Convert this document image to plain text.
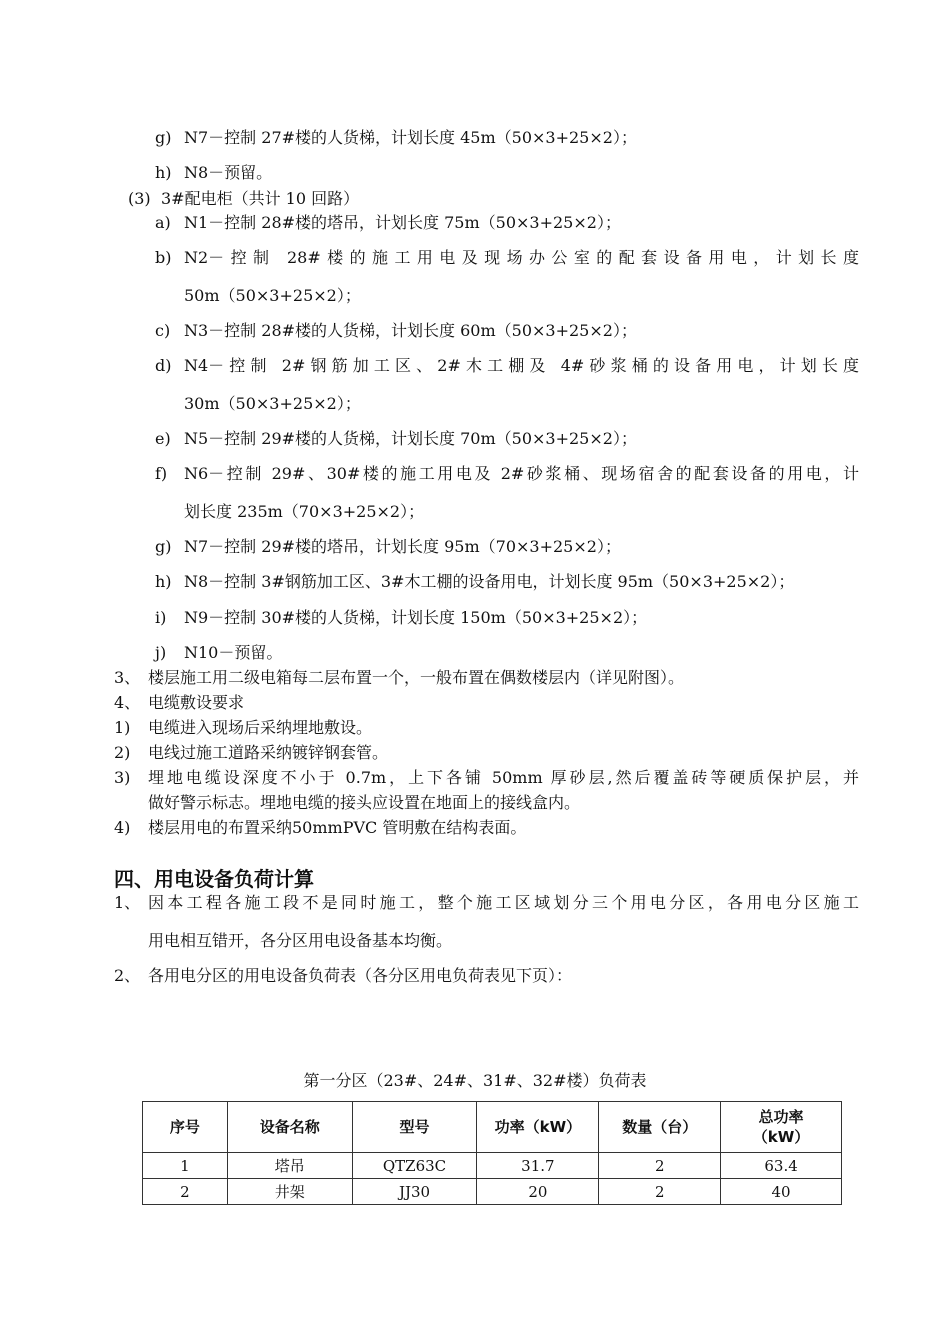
g) N7－控制 27#楼的人货梯，计划长度 45m（50×3+25×2）；
h) N8－预留。
(3) 3#配电柜（共计 10 回路）
a) N1－控制 28#楼的塔吊，计划长度 75m（50×3+25×2）；
b) N2－控制 28#楼的施工用电及现场办公室的配套设备用电，计划长度
50m（50×3+25×2）；
c) N3－控制 28#楼的人货梯，计划长度 60m（50×3+25×2）；
d) N4－控制 2#钢筋加工区、2#木工棚及 4#砂浆桶的设备用电，计划长度
30m（50×3+25×2）；
e) N5－控制 29#楼的人货梯，计划长度 70m（50×3+25×2）；
f) N6－控制 29#、30#楼的施工用电及 2#砂浆桶、现场宿舍的配套设备的用电，计
划长度 235m（70×3+25×2）；
g) N7－控制 29#楼的塔吊，计划长度 95m（70×3+25×2）；
h) N8－控制 3#钢筋加工区、3#木工棚的设备用电，计划长度 95m（50×3+25×2）；
i) N9－控制 30#楼的人货梯，计划长度 150m（50×3+25×2）；
j) N10－预留。
3、 楼层施工用二级电箱每二层布置一个，一般布置在偶数楼层内（详见附图）。
4、 电缆敷设要求
1) 电缆进入现场后采纳埋地敷设。
2) 电线过施工道路采纳镀锌钢套管。
3) 埋地电缆设深度不小于 0.7m，上下各铺 50mm 厚砂层,然后覆盖砖等硬质保护层，并
做好警示标志。埋地电缆的接头应设置在地面上的接线盒内。
4) 楼层用电的布置采纳50mmPVC 管明敷在结构表面。
四、用电设备负荷计算
1、 因本工程各施工段不是同时施工，整个施工区域划分三个用电分区，各用电分区施工
用电相互错开，各分区用电设备基本均衡。
2、 各用电分区的用电设备负荷表（各分区用电负荷表见下页）：
第一分区（23#、24#、31#、32#楼）负荷表
序号	设备名称	型号	功率（kW）	数量（台）	总功率
（kW）

1	塔吊	QTZ63C	31.7	2	63.4
2	井架	JJ30	20	2	40
